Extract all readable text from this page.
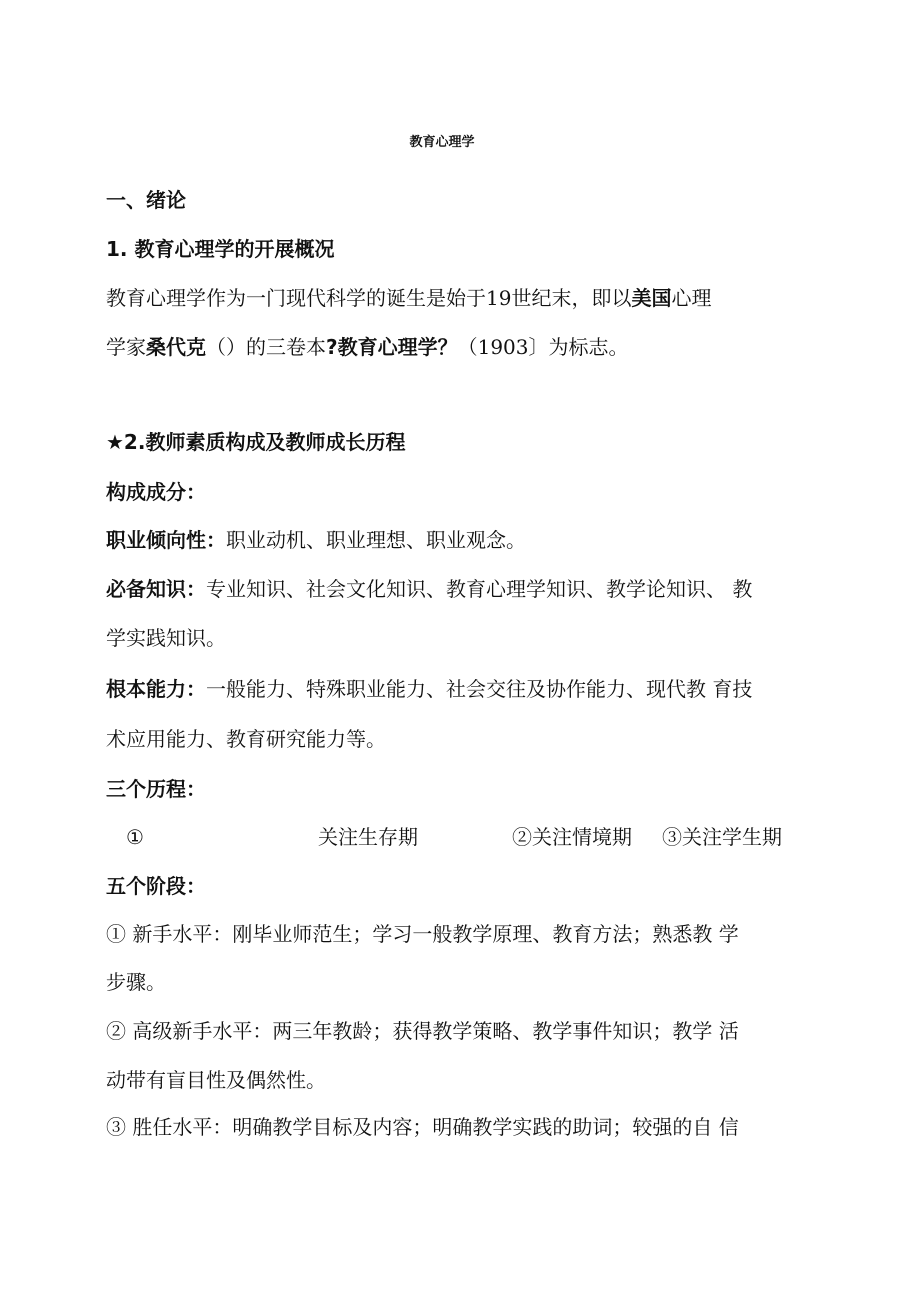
教育心理学
一、绪论
1. 教育心理学的开展概况
教育心理学作为一门现代科学的诞生是始于19世纪末，即以美国心理
学家桑代克（）的三卷本?教育心理学？（1903〕为标志。
★2.教师素质构成及教师成长历程
构成成分：
职业倾向性：职业动机、职业理想、职业观念。
必备知识：专业知识、社会文化知识、教育心理学知识、教学论知识、 教
学实践知识。
根本能力：一般能力、特殊职业能力、社会交往及协作能力、现代教 育技
术应用能力、教育研究能力等。
三个历程：
①	关注生存期	②关注情境期 ③关注学生期
五个阶段：
① 新手水平：刚毕业师范生；学习一般教学原理、教育方法；熟悉教 学
步骤。
② 高级新手水平：两三年教龄；获得教学策略、教学事件知识；教学 活
动带有盲目性及偶然性。
③ 胜任水平：明确教学目标及内容；明确教学实践的助词；较强的自 信
